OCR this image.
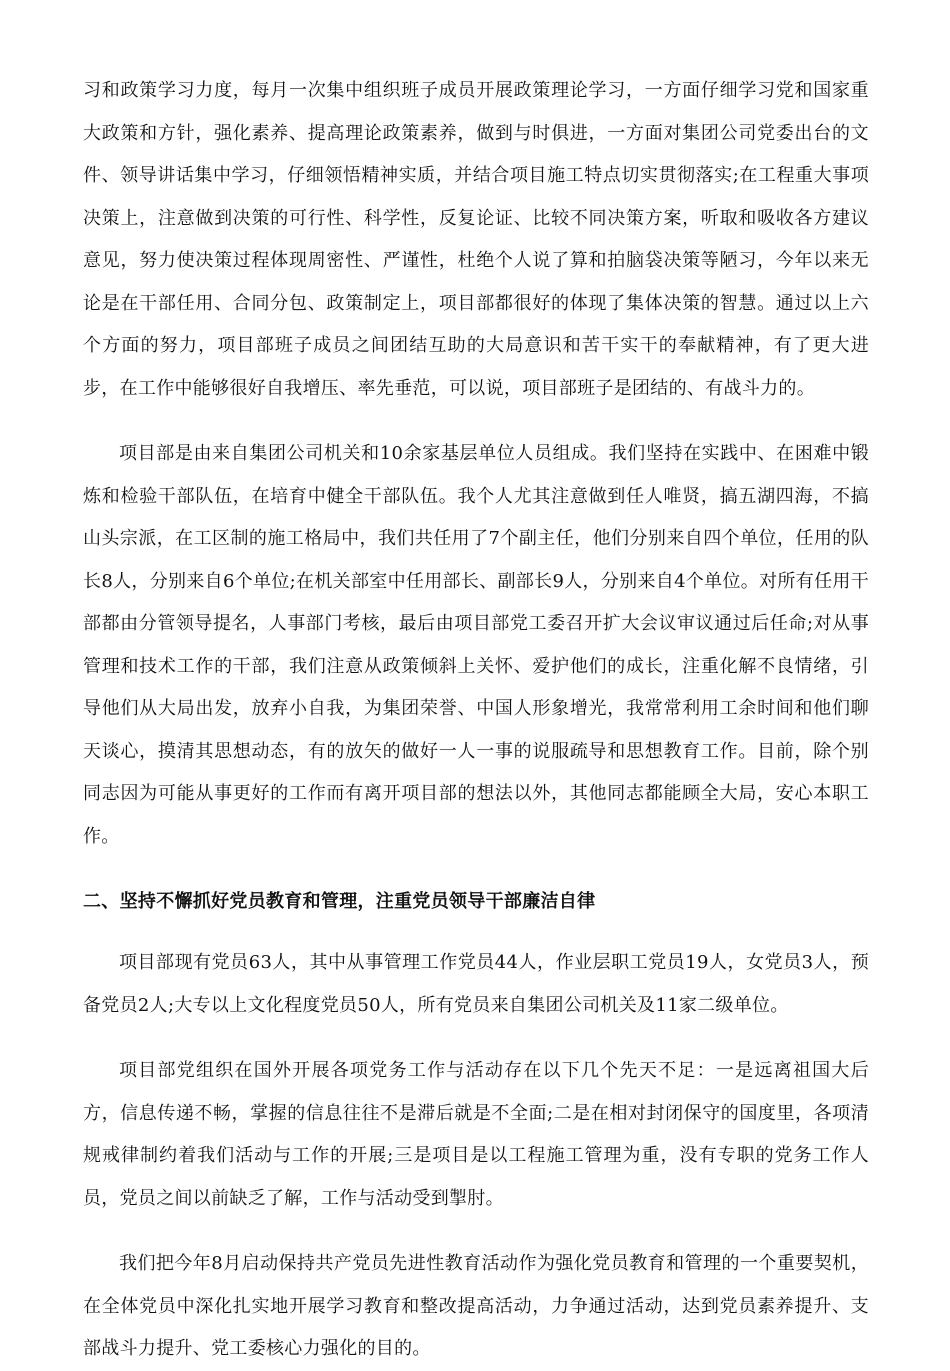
习和政策学习力度，每月一次集中组织班子成员开展政策理论学习，一方面仔细学习党和国家重大政策和方针，强化素养、提高理论政策素养，做到与时俱进，一方面对集团公司党委出台的文件、领导讲话集中学习，仔细领悟精神实质，并结合项目施工特点切实贯彻落实;在工程重大事项决策上，注意做到决策的可行性、科学性，反复论证、比较不同决策方案，听取和吸收各方建议意见，努力使决策过程体现周密性、严谨性，杜绝个人说了算和拍脑袋决策等陋习，今年以来无论是在干部任用、合同分包、政策制定上，项目部都很好的体现了集体决策的智慧。通过以上六个方面的努力，项目部班子成员之间团结互助的大局意识和苦干实干的奉献精神，有了更大进步，在工作中能够很好自我增压、率先垂范，可以说，项目部班子是团结的、有战斗力的。

项目部是由来自集团公司机关和10余家基层单位人员组成。我们坚持在实践中、在困难中锻炼和检验干部队伍，在培育中健全干部队伍。我个人尤其注意做到任人唯贤，搞五湖四海，不搞山头宗派，在工区制的施工格局中，我们共任用了7个副主任，他们分别来自四个单位，任用的队长8人，分别来自6个单位;在机关部室中任用部长、副部长9人，分别来自4个单位。对所有任用干部都由分管领导提名，人事部门考核，最后由项目部党工委召开扩大会议审议通过后任命;对从事管理和技术工作的干部，我们注意从政策倾斜上关怀、爱护他们的成长，注重化解不良情绪，引导他们从大局出发，放弃小自我，为集团荣誉、中国人形象增光，我常常利用工余时间和他们聊天谈心，摸清其思想动态，有的放矢的做好一人一事的说服疏导和思想教育工作。目前，除个别同志因为可能从事更好的工作而有离开项目部的想法以外，其他同志都能顾全大局，安心本职工作。

二、坚持不懈抓好党员教育和管理，注重党员领导干部廉洁自律

项目部现有党员63人，其中从事管理工作党员44人，作业层职工党员19人，女党员3人，预备党员2人;大专以上文化程度党员50人，所有党员来自集团公司机关及11家二级单位。

项目部党组织在国外开展各项党务工作与活动存在以下几个先天不足：一是远离祖国大后方，信息传递不畅，掌握的信息往往不是滞后就是不全面;二是在相对封闭保守的国度里，各项清规戒律制约着我们活动与工作的开展;三是项目是以工程施工管理为重，没有专职的党务工作人员，党员之间以前缺乏了解，工作与活动受到掣肘。

我们把今年8月启动保持共产党员先进性教育活动作为强化党员教育和管理的一个重要契机，在全体党员中深化扎实地开展学习教育和整改提高活动，力争通过活动，达到党员素养提升、支部战斗力提升、党工委核心力强化的目的。
